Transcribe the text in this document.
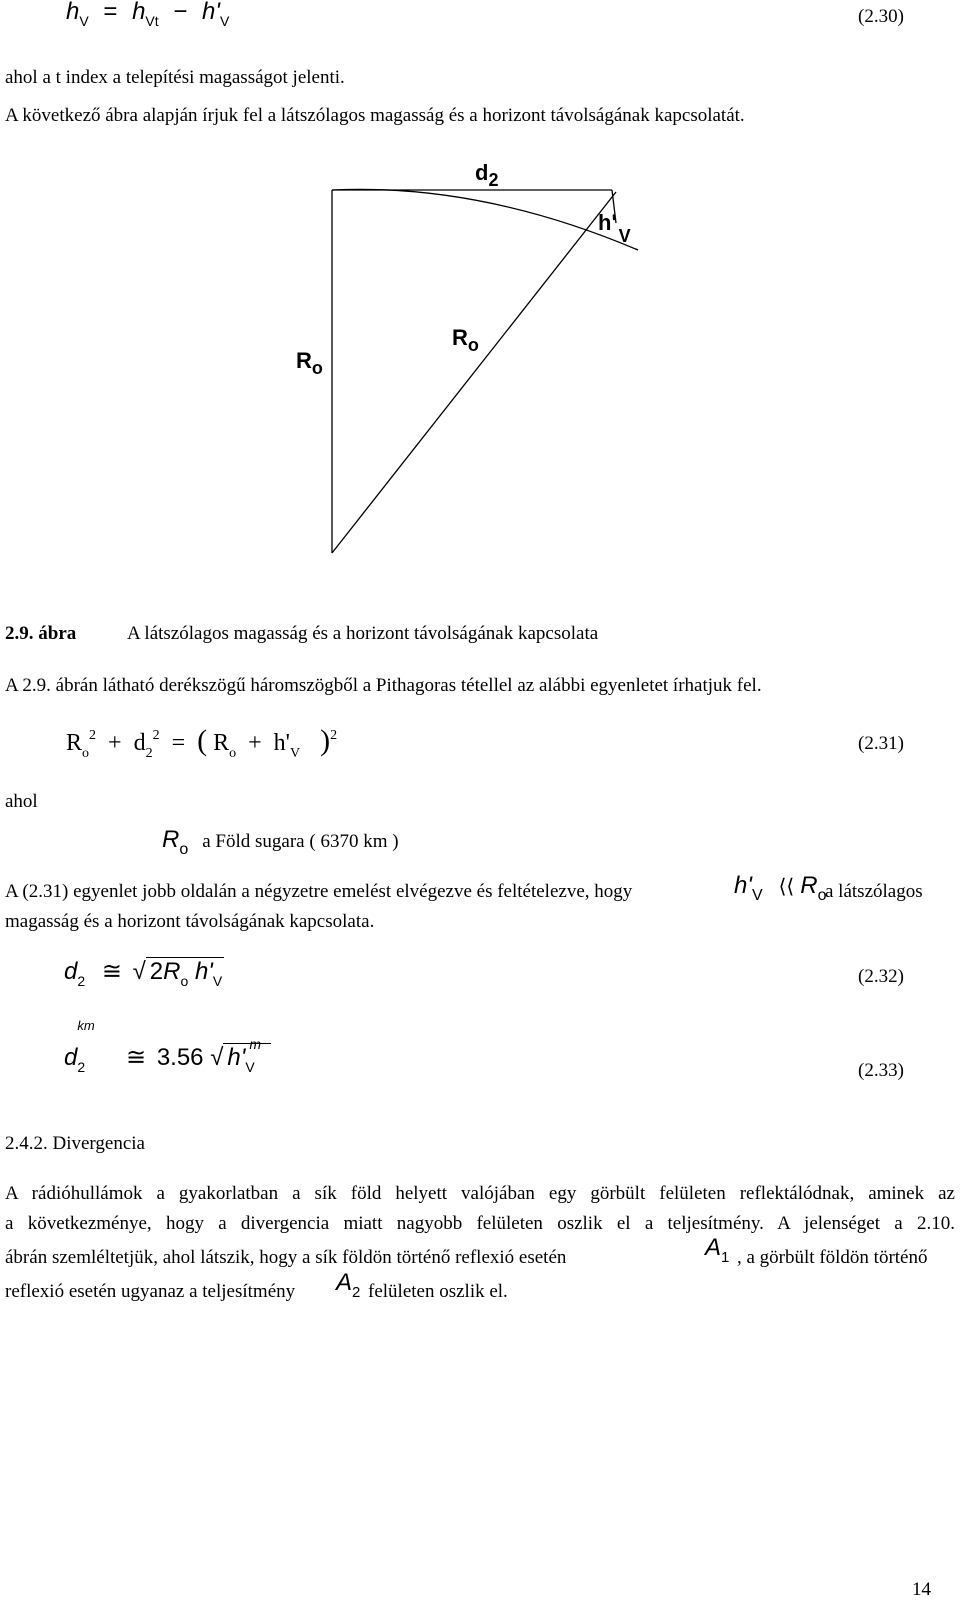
$h_V = h_{Vt} - h'_V$	(2.30)
ahol a t index a telepítési magasságot jelenti.
A következő ábra alapján írjuk fel a látszólagos magasság és a horizont távolságának kapcsolatát.
$d_2$
$h'_V$
$R_o$
$R_o$
2.9. ábra	A látszólagos magasság és a horizont távolságának kapcsolata
A 2.9. ábrán látható derékszögű háromszögből a Pithagoras tétellel az alábbi egyenletet írhatjuk fel.
$R_o^2 + d_2^2$ = ( $R_o + h'_V$ )$^2$	(2.31)
ahol
Ro a Föld sugara ( 6370 km )
A (2.31) egyenlet jobb oldalán a négyzetre emelést elvégezve és feltételezve, hogy	h'V ⟨⟨ Ro
a látszólagos
magasság és a horizont távolságának kapcsolata.
$d_2$ ≅ √ $2R_o$ $h'_V$	(2.32)
d
km
$_2$ ≅ 3.56 √ h' m
$_V$	(2.33)
2.4.2. Divergencia
A rádióhullámok a gyakorlatban a sík föld helyett valójában egy görbült felületen reflektálódnak, aminek az
a következménye, hogy a divergencia miatt nagyobb felületen oszlik el a teljesítmény. A jelenséget a 2.10.
ábrán szemléltetjük, ahol látszik, hogy a sík földön történő reflexió esetén	A1 , a görbült földön történő
reflexió esetén ugyanaz a teljesítmény A2 felületen oszlik el.
14
